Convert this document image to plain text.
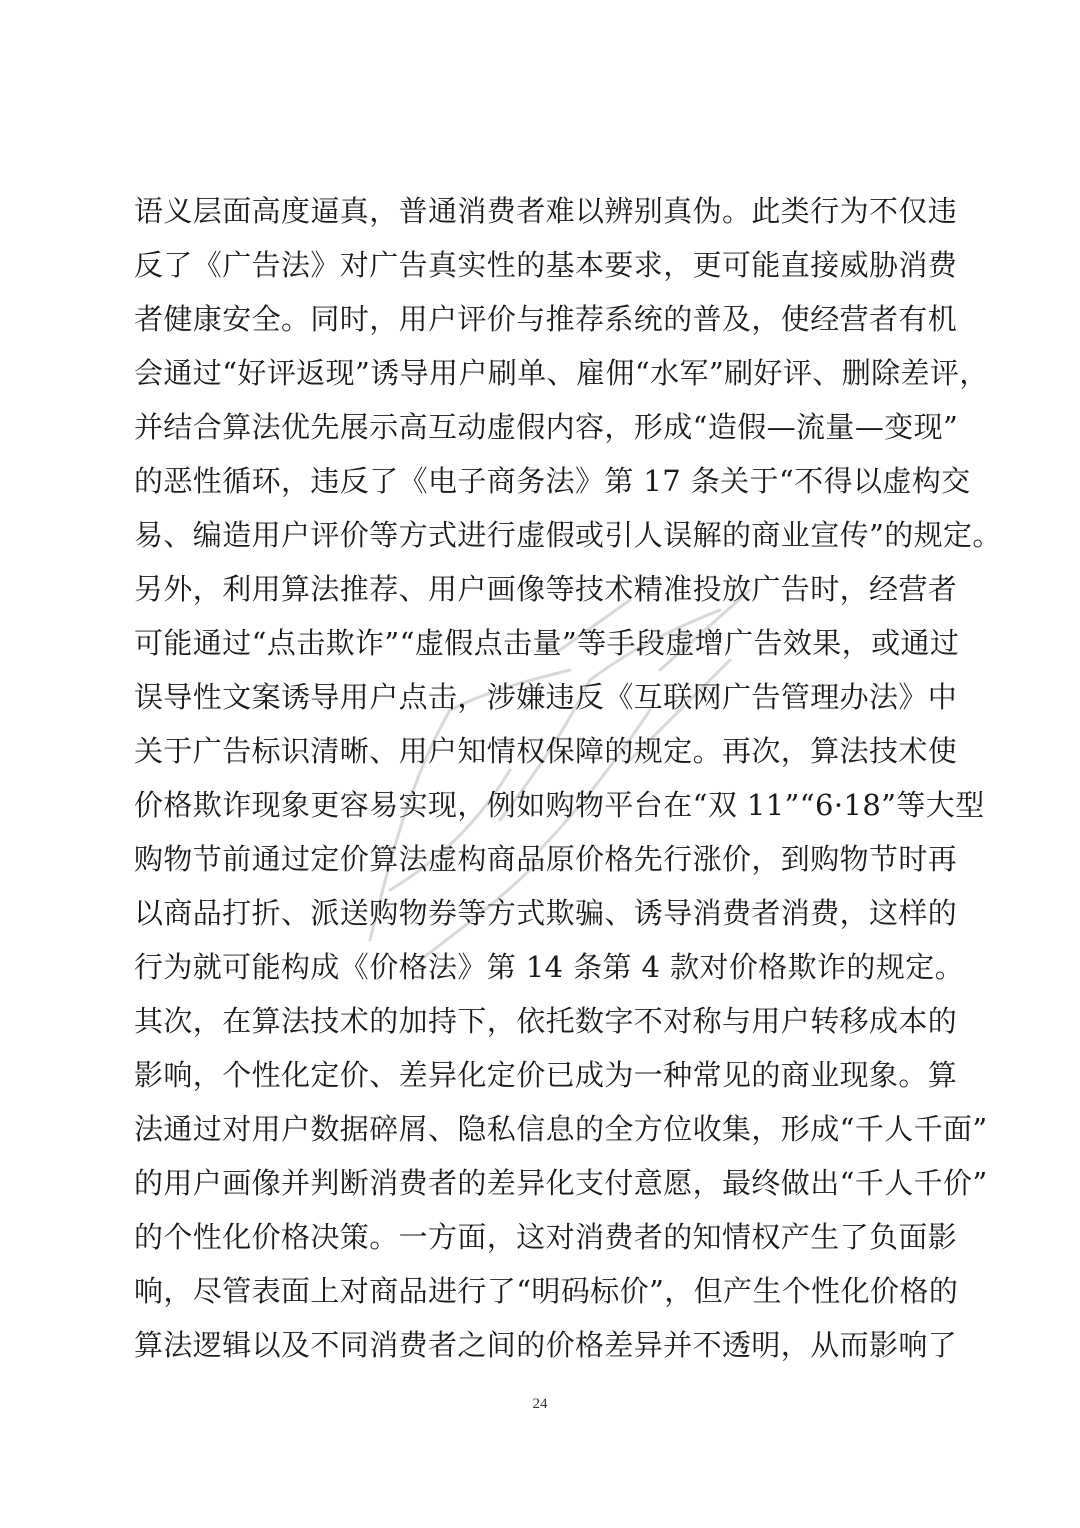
语义层面高度逼真，普通消费者难以辨别真伪。此类行为不仅违
反了《广告法》对广告真实性的基本要求，更可能直接威胁消费
者健康安全。同时，用户评价与推荐系统的普及，使经营者有机
会通过“好评返现”诱导用户刷单、雇佣“水军”刷好评、删除差评，
并结合算法优先展示高互动虚假内容，形成“造假—流量—变现”
的恶性循环，违反了《电子商务法》第 17 条关于“不得以虚构交
易、编造用户评价等方式进行虚假或引人误解的商业宣传”的规定。
另外，利用算法推荐、用户画像等技术精准投放广告时，经营者
可能通过“点击欺诈”“虚假点击量”等手段虚增广告效果，或通过
误导性文案诱导用户点击，涉嫌违反《互联网广告管理办法》中
关于广告标识清晰、用户知情权保障的规定。再次，算法技术使
价格欺诈现象更容易实现，例如购物平台在“双 11”“6·18”等大型
购物节前通过定价算法虚构商品原价格先行涨价，到购物节时再
以商品打折、派送购物券等方式欺骗、诱导消费者消费，这样的
行为就可能构成《价格法》第 14 条第 4 款对价格欺诈的规定。
其次，在算法技术的加持下，依托数字不对称与用户转移成本的
影响，个性化定价、差异化定价已成为一种常见的商业现象。算
法通过对用户数据碎屑、隐私信息的全方位收集，形成“千人千面”
的用户画像并判断消费者的差异化支付意愿，最终做出“千人千价”
的个性化价格决策。一方面，这对消费者的知情权产生了负面影
响，尽管表面上对商品进行了“明码标价”，但产生个性化价格的
算法逻辑以及不同消费者之间的价格差异并不透明，从而影响了
24
